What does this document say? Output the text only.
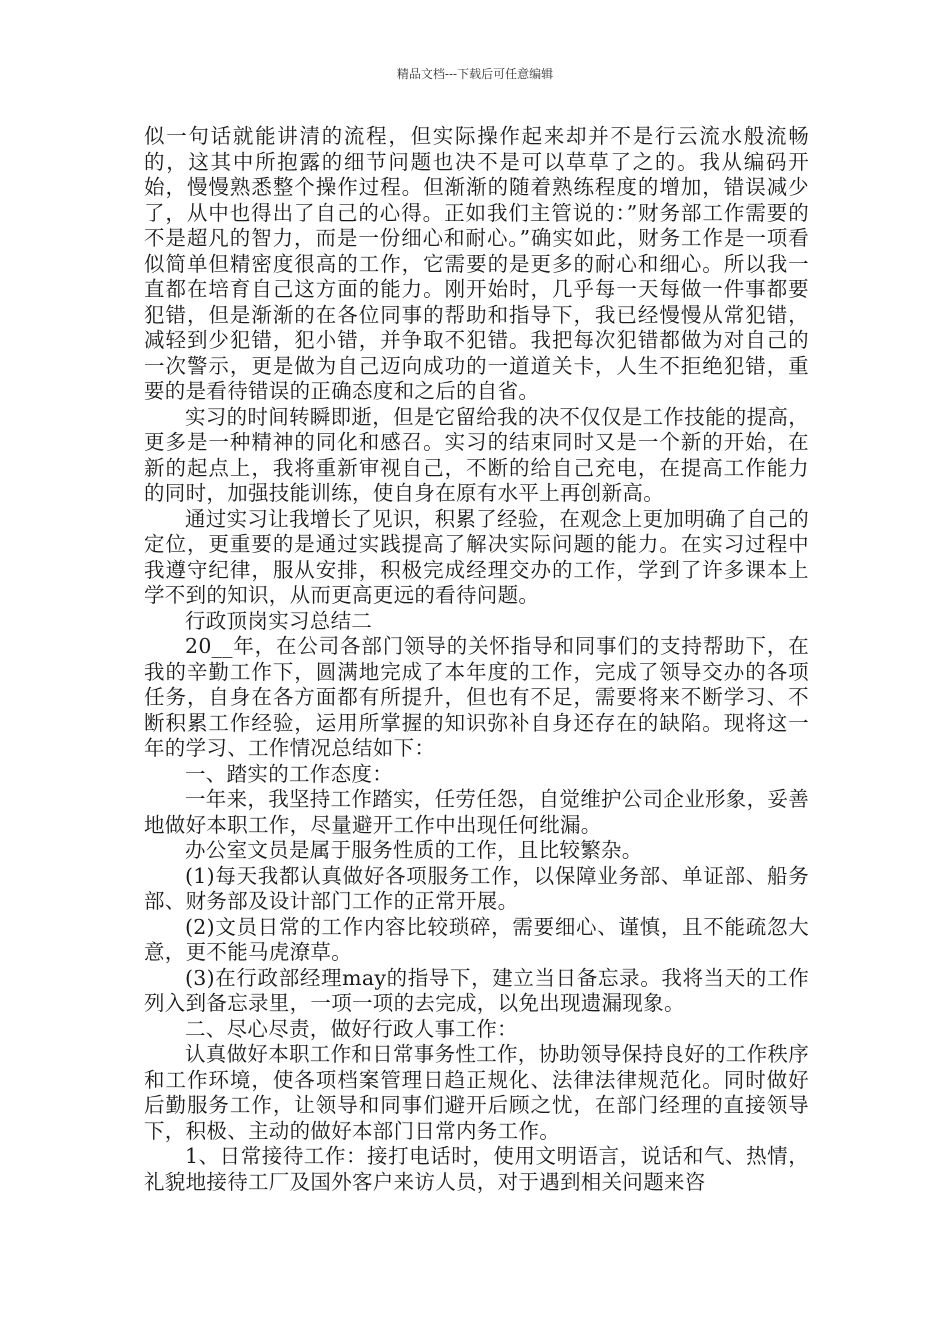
精品文档---下载后可任意编辑

似一句话就能讲清的流程，但实际操作起来却并不是行云流水般流畅的，这其中所抱露的细节问题也决不是可以草草了之的。我从编码开始，慢慢熟悉整个操作过程。但渐渐的随着熟练程度的增加，错误减少了，从中也得出了自己的心得。正如我们主管说的：”财务部工作需要的不是超凡的智力，而是一份细心和耐心。”确实如此，财务工作是一项看似简单但精密度很高的工作，它需要的是更多的耐心和细心。所以我一直都在培育自己这方面的能力。刚开始时，几乎每一天每做一件事都要犯错，但是渐渐的在各位同事的帮助和指导下，我已经慢慢从常犯错，减轻到少犯错，犯小错，并争取不犯错。我把每次犯错都做为对自己的一次警示，更是做为自己迈向成功的一道道关卡，人生不拒绝犯错，重要的是看待错误的正确态度和之后的自省。

实习的时间转瞬即逝，但是它留给我的决不仅仅是工作技能的提高，更多是一种精神的同化和感召。实习的结束同时又是一个新的开始，在新的起点上，我将重新审视自己，不断的给自己充电，在提高工作能力的同时，加强技能训练，使自身在原有水平上再创新高。

通过实习让我增长了见识，积累了经验，在观念上更加明确了自己的定位，更重要的是通过实践提高了解决实际问题的能力。在实习过程中我遵守纪律，服从安排，积极完成经理交办的工作，学到了许多课本上学不到的知识，从而更高更远的看待问题。

行政顶岗实习总结二

20__年，在公司各部门领导的关怀指导和同事们的支持帮助下，在我的辛勤工作下，圆满地完成了本年度的工作，完成了领导交办的各项任务，自身在各方面都有所提升，但也有不足，需要将来不断学习、不断积累工作经验，运用所掌握的知识弥补自身还存在的缺陷。现将这一年的学习、工作情况总结如下：

一、踏实的工作态度：

一年来，我坚持工作踏实，任劳任怨，自觉维护公司企业形象，妥善地做好本职工作，尽量避开工作中出现任何纰漏。

办公室文员是属于服务性质的工作，且比较繁杂。

(1)每天我都认真做好各项服务工作，以保障业务部、单证部、船务部、财务部及设计部门工作的正常开展。

(2)文员日常的工作内容比较琐碎，需要细心、谨慎，且不能疏忽大意，更不能马虎潦草。

(3)在行政部经理may的指导下，建立当日备忘录。我将当天的工作列入到备忘录里，一项一项的去完成，以免出现遗漏现象。

二、尽心尽责，做好行政人事工作：

认真做好本职工作和日常事务性工作，协助领导保持良好的工作秩序和工作环境，使各项档案管理日趋正规化、法律法律规范化。同时做好后勤服务工作，让领导和同事们避开后顾之忧，在部门经理的直接领导下，积极、主动的做好本部门日常内务工作。

1、日常接待工作：接打电话时，使用文明语言，说话和气、热情，礼貌地接待工厂及国外客户来访人员，对于遇到相关问题来咨
